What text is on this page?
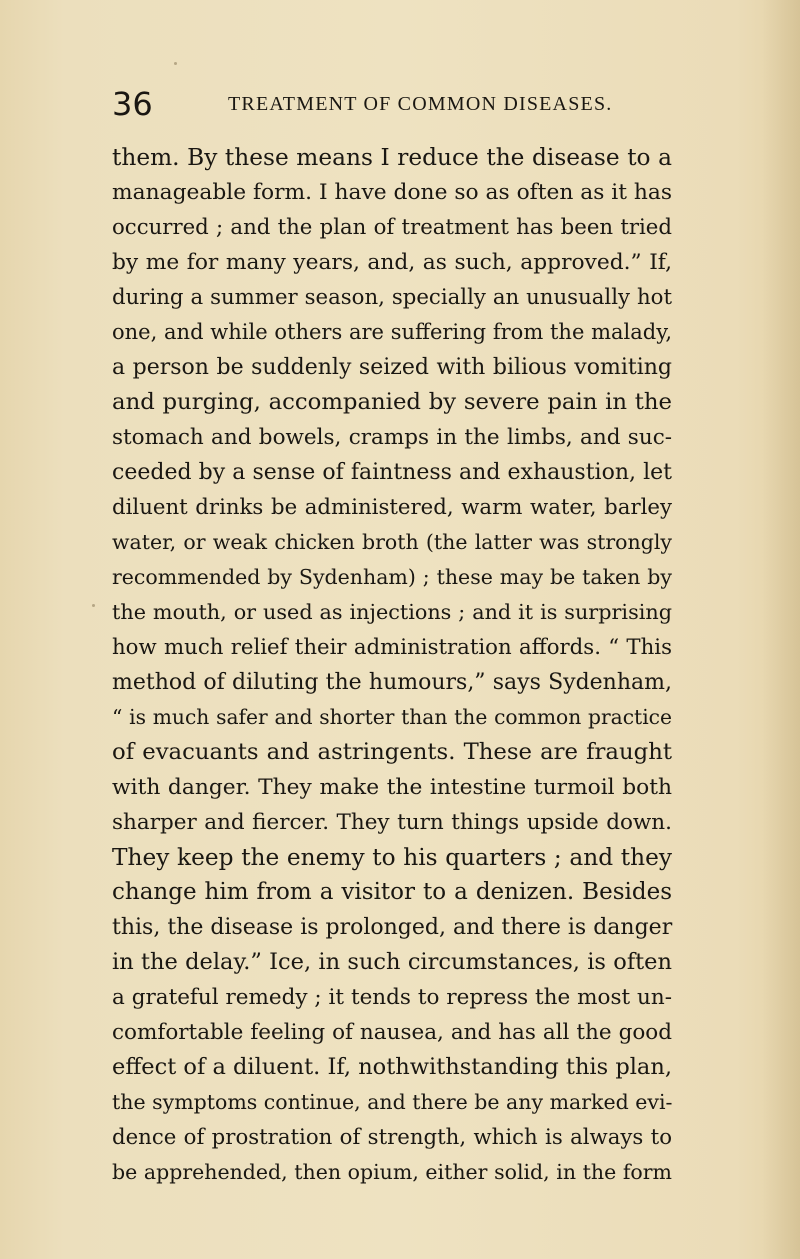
36	TREATMENT OF COMMON DISEASES.
them. By these means I reduce the disease to a
manageable form. I have done so as often as it has
occurred ; and the plan of treatment has been tried
by me for many years, and, as such, approved.” If,
during a summer season, specially an unusually hot
one, and while others are suffering from the malady,
a person be suddenly seized with bilious vomiting
and purging, accompanied by severe pain in the
stomach and bowels, cramps in the limbs, and suc-
ceeded by a sense of faintness and exhaustion, let
diluent drinks be administered, warm water, barley
water, or weak chicken broth (the latter was strongly
recommended by Sydenham) ; these may be taken by
the mouth, or used as injections ; and it is surprising
how much relief their administration affords. “ This
method of diluting the humours,” says Sydenham,
“ is much safer and shorter than the common practice
of evacuants and astringents. These are fraught
with danger. They make the intestine turmoil both
sharper and fiercer. They turn things upside down.
They keep the enemy to his quarters ; and they
change him from a visitor to a denizen. Besides
this, the disease is prolonged, and there is danger
in the delay.” Ice, in such circumstances, is often
a grateful remedy ; it tends to repress the most un-
comfortable feeling of nausea, and has all the good
effect of a diluent. If, nothwithstanding this plan,
the symptoms continue, and there be any marked evi-
dence of prostration of strength, which is always to
be apprehended, then opium, either solid, in the form
